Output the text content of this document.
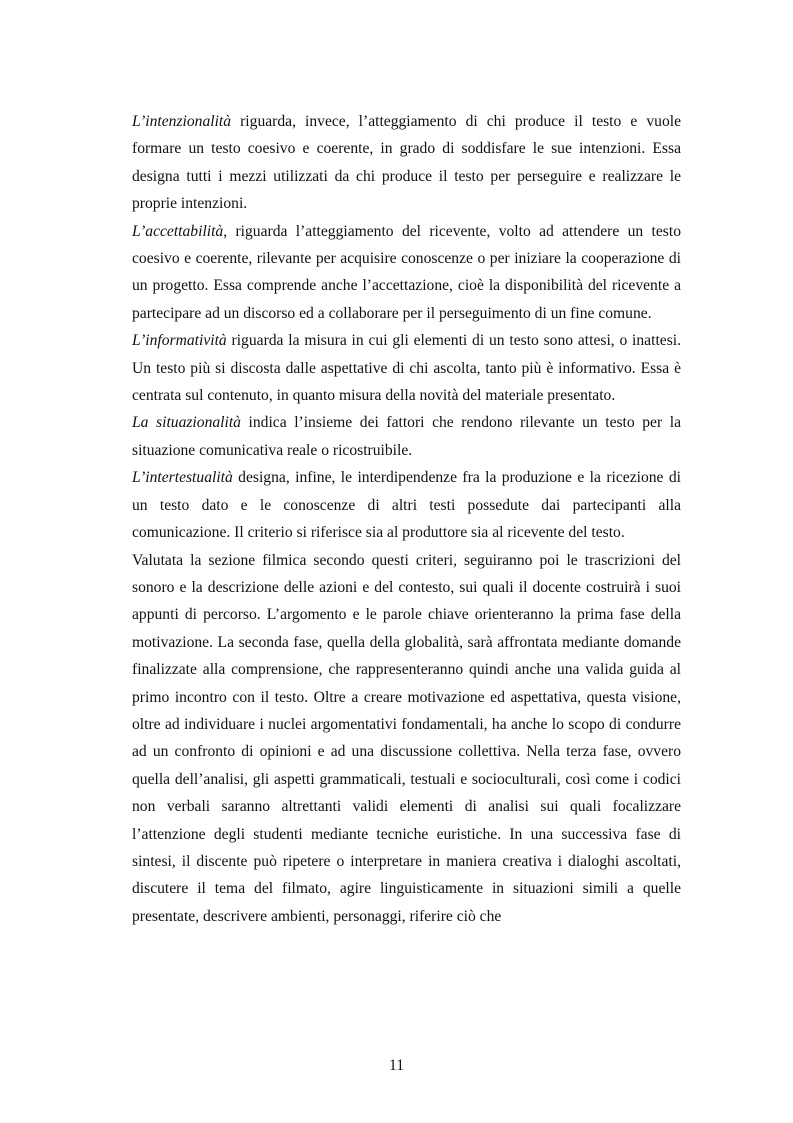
L’intenzionalità riguarda, invece, l’atteggiamento di chi produce il testo e vuole formare un testo coesivo e coerente, in grado di soddisfare le sue intenzioni. Essa designa tutti i mezzi utilizzati da chi produce il testo per perseguire e realizzare le proprie intenzioni.

L’accettabilità, riguarda l’atteggiamento del ricevente, volto ad attendere un testo coesivo e coerente, rilevante per acquisire conoscenze o per iniziare la cooperazione di un progetto. Essa comprende anche l’accettazione, cioè la disponibilità del ricevente a partecipare ad un discorso ed a collaborare per il perseguimento di un fine comune.

L’informatività riguarda la misura in cui gli elementi di un testo sono attesi, o inattesi. Un testo più si discosta dalle aspettative di chi ascolta, tanto più è informativo. Essa è centrata sul contenuto, in quanto misura della novità del materiale presentato.

La situazionalità indica l’insieme dei fattori che rendono rilevante un testo per la situazione comunicativa reale o ricostruibile.

L’intertestualità designa, infine, le interdipendenze fra la produzione e la ricezione di un testo dato e le conoscenze di altri testi possedute dai partecipanti alla comunicazione. Il criterio si riferisce sia al produttore sia al ricevente del testo.

Valutata la sezione filmica secondo questi criteri, seguiranno poi le trascrizioni del sonoro e la descrizione delle azioni e del contesto, sui quali il docente costruirà i suoi appunti di percorso. L’argomento e le parole chiave orienteranno la prima fase della motivazione. La seconda fase, quella della globalità, sarà affrontata mediante domande finalizzate alla comprensione, che rappresenteranno quindi anche una valida guida al primo incontro con il testo. Oltre a creare motivazione ed aspettativa, questa visione, oltre ad individuare i nuclei argomentativi fondamentali, ha anche lo scopo di condurre ad un confronto di opinioni e ad una discussione collettiva. Nella terza fase, ovvero quella dell’analisi, gli aspetti grammaticali, testuali e socioculturali, così come i codici non verbali saranno altrettanti validi elementi di analisi sui quali focalizzare l’attenzione degli studenti mediante tecniche euristiche. In una successiva fase di sintesi, il discente può ripetere o interpretare in maniera creativa i dialoghi ascoltati, discutere il tema del filmato, agire linguisticamente in situazioni simili a quelle presentate, descrivere ambienti, personaggi, riferire ciò che

11
